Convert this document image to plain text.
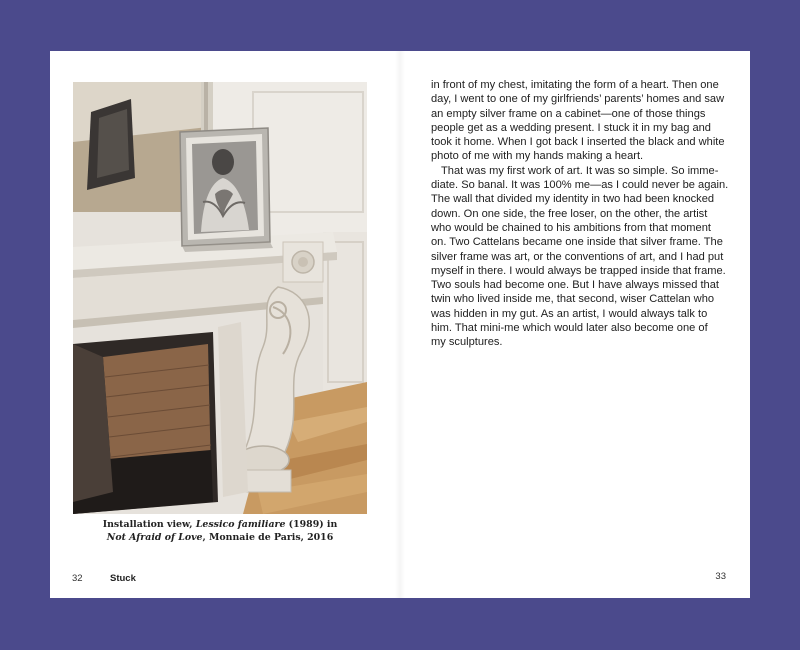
Installation view, Lessico familiare (1989) in
Not Afraid of Love, Monnaie de Paris, 2016
32	Stuck	33
in front of my chest, imitating the form of a heart. Then one
day, I went to one of my girlfriends’ parents’ homes and saw
an empty silver frame on a cabinet—one of those things
people get as a wedding present. I stuck it in my bag and
took it home. When I got back I inserted the black and white
photo of me with my hands making a heart.
That was my first work of art. It was so simple. So imme-
diate. So banal. It was 100% me—as I could never be again.
The wall that divided my identity in two had been knocked
down. On one side, the free loser, on the other, the artist
who would be chained to his ambitions from that moment
on. Two Cattelans became one inside that silver frame. The
silver frame was art, or the conventions of art, and I had put
myself in there. I would always be trapped inside that frame.
Two souls had become one. But I have always missed that
twin who lived inside me, that second, wiser Cattelan who
was hidden in my gut. As an artist, I would always talk to
him. That mini-me which would later also become one of
my sculptures.
